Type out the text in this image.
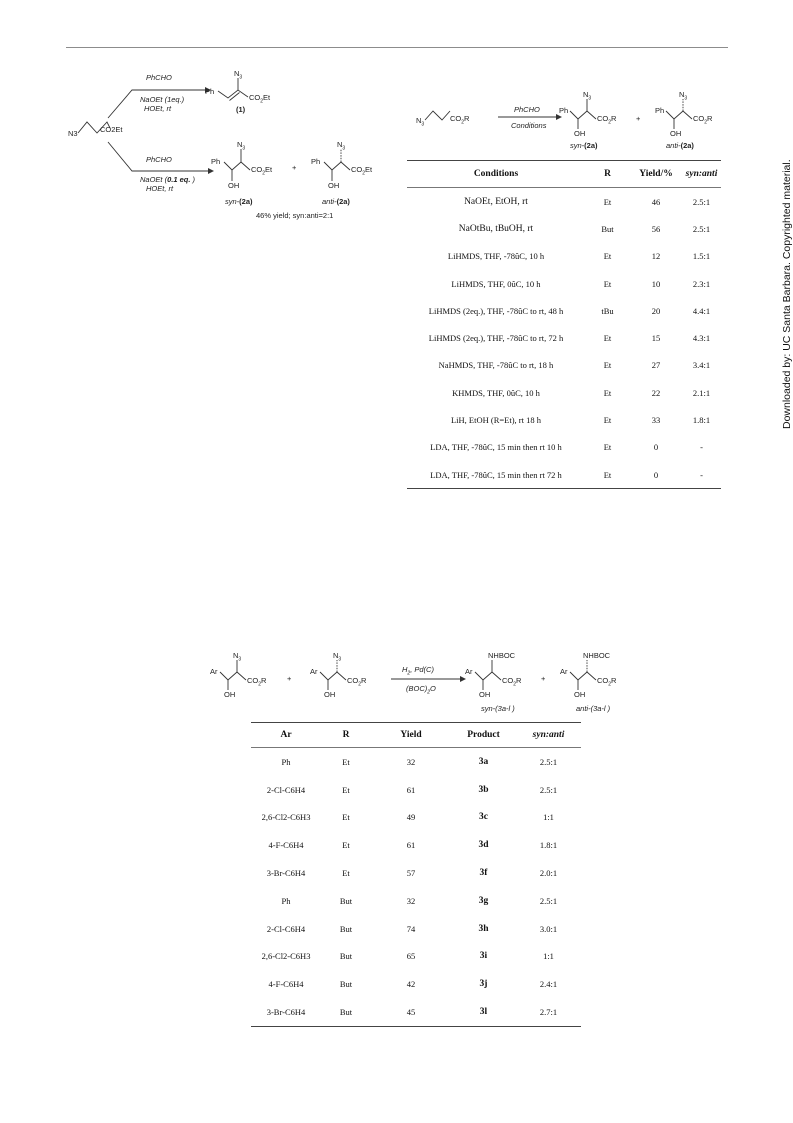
Downloaded by: UC Santa Barbara. Copyrighted material.
N3	CO2Et
PhCHO
NaOEt (1eq.)
HOEt, rt
Ph
$N_3$
$CO_2Et$
(1)
PhCHO
NaOEt (0.1 eq. )
HOEt, rt
Ph
$N_3$
$CO_2Et$
OH
+
Ph
$N_3$
$CO_2Et$
OH
syn-(2a)	anti-(2a)
46% yield; syn:anti=2:1
$N_3$
$CO_2R$
PhCHO
Conditions
Ph
$N_3$
$CO_2R$
OH
+
Ph
$N_3$
$CO_2R$
OH
syn-(2a)	anti-(2a)
Conditions	R	Yield/%	syn:anti
NaOEt, EtOH, rt	Et	46	2.5:1
NaOtBu, tBuOH, rt	But	56	2.5:1
LiHMDS, THF, -78ûC, 10 h	Et	12	1.5:1
LiHMDS, THF, 0ûC, 10 h	Et	10	2.3:1
LiHMDS (2eq.), THF, -78ûC to rt, 48 h	tBu	20	4.4:1
LiHMDS (2eq.), THF, -78ûC to rt, 72 h	Et	15	4.3:1
NaHMDS, THF, -78ûC to rt, 18 h	Et	27	3.4:1
KHMDS, THF, 0ûC, 10 h	Et	22	2.1:1
LiH, EtOH (R=Et), rt 18 h	Et	33	1.8:1
LDA, THF, -78ûC, 15 min then rt 10 h	Et	0	-
LDA, THF, -78ûC, 15 min then rt 72 h	Et	0	-
Ar
$N_3$
$CO_2R$
OH
+
Ar
$N_3$
$CO_2R$
OH
$H_2$, Pd(C)
$(BOC)_2O$
Ar
NHBOC
$CO_2R$
OH
+
Ar
NHBOC
$CO_2R$
OH
syn-(3a-l )	anti-(3a-l )
Ar	R	Yield	Product	syn:anti
Ph	Et	32	3a	2.5:1
2-Cl-C6H4	Et	61	3b	2.5:1
2,6-Cl2-C6H3	Et	49	3c	1:1
4-F-C6H4	Et	61	3d	1.8:1
3-Br-C6H4	Et	57	3f	2.0:1
Ph	But	32	3g	2.5:1
2-Cl-C6H4	But	74	3h	3.0:1
2,6-Cl2-C6H3	But	65	3i	1:1
4-F-C6H4	But	42	3j	2.4:1
3-Br-C6H4	But	45	3l	2.7:1
